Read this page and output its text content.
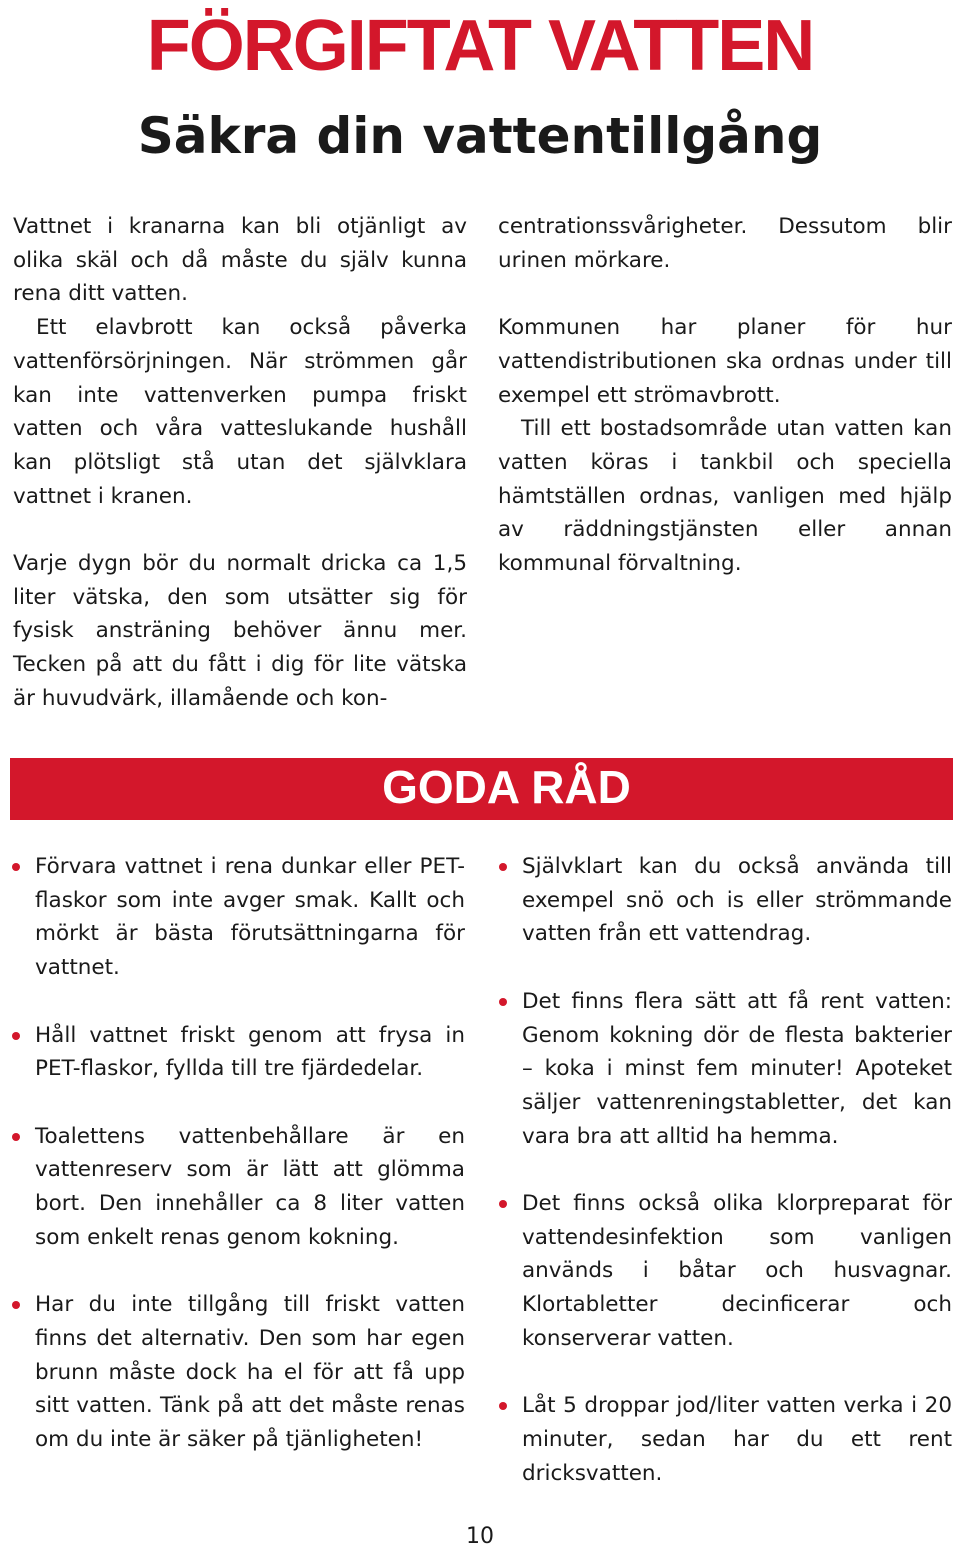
FÖRGIFTAT VATTEN
Säkra din vattentillgång

Vattnet i kranarna kan bli otjänligt av olika skäl och då måste du själv kunna rena ditt vatten.

Ett elavbrott kan också påverka vattenförsörjningen. När strömmen går kan inte vattenverken pumpa friskt vatten och våra vatteslukande hushåll kan plötsligt stå utan det självklara vattnet i kranen.

Varje dygn bör du normalt dricka ca 1,5 liter vätska, den som utsätter sig för fysisk ansträning behöver ännu mer. Tecken på att du fått i dig för lite vätska är huvudvärk, illamående och kon-

centrationssvårigheter. Dessutom blir urinen mörkare.

Kommunen har planer för hur vattendistributionen ska ordnas under till exempel ett strömavbrott.

Till ett bostadsområde utan vatten kan vatten köras i tankbil och speciella hämtställen ordnas, vanligen med hjälp av räddningstjänsten eller annan kommunal förvaltning.

GODA RÅD
Förvara vattnet i rena dunkar eller PET-flaskor som inte avger smak. Kallt och mörkt är bästa förutsättningarna för vattnet.
Håll vattnet friskt genom att frysa in PET-flaskor, fyllda till tre fjärdedelar.
Toalettens vattenbehållare är en vattenreserv som är lätt att glömma bort. Den innehåller ca 8 liter vatten som enkelt renas genom kokning.
Har du inte tillgång till friskt vatten finns det alternativ. Den som har egen brunn måste dock ha el för att få upp sitt vatten. Tänk på att det måste renas om du inte är säker på tjänligheten!
Självklart kan du också använda till exempel snö och is eller strömmande vatten från ett vattendrag.
Det finns flera sätt att få rent vatten: Genom kokning dör de flesta bakterier – koka i minst fem minuter! Apoteket säljer vattenreningstabletter, det kan vara bra att alltid ha hemma.
Det finns också olika klorpreparat för vattendesinfektion som vanligen används i båtar och husvagnar. Klortabletter decinficerar och konserverar vatten.
Låt 5 droppar jod/liter vatten verka i 20 minuter, sedan har du ett rent dricksvatten.
10
